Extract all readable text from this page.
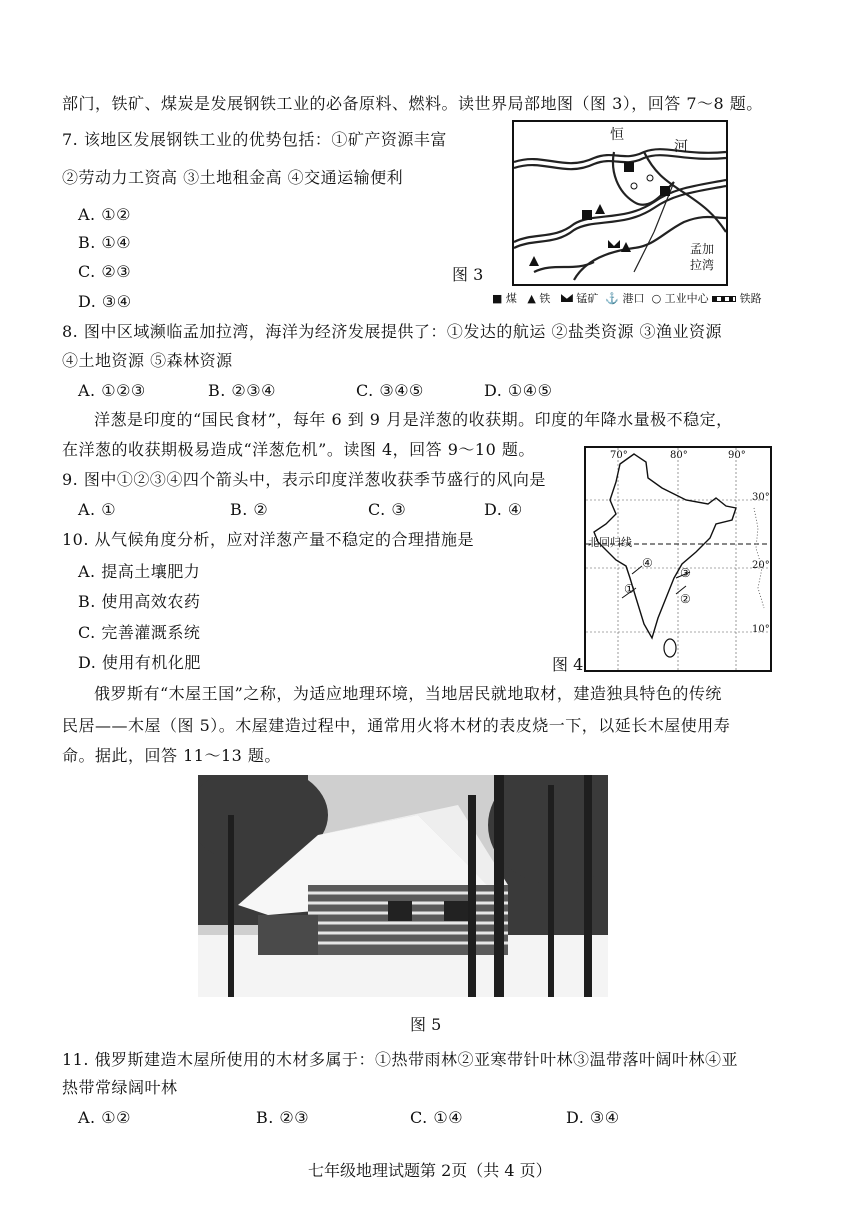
部门，铁矿、煤炭是发展钢铁工业的必备原料、燃料。读世界局部地图（图 3），回答 7～8 题。
7. 该地区发展钢铁工业的优势包括：①矿产资源丰富
②劳动力工资高 ③土地租金高 ④交通运输便利
A. ①②
B. ①④
C. ②③
D. ③④
图 3
恒
河
孟加
拉湾
■ 煤 ▲ 铁 锰矿 ⚓ 港口 ○ 工业中心	铁路
8. 图中区域濒临孟加拉湾，海洋为经济发展提供了：①发达的航运 ②盐类资源 ③渔业资源
④土地资源 ⑤森林资源
A. ①②③	B. ②③④	C. ③④⑤	D. ①④⑤
洋葱是印度的“国民食材”，每年 6 到 9 月是洋葱的收获期。印度的年降水量极不稳定，
在洋葱的收获期极易造成“洋葱危机”。读图 4，回答 9～10 题。
9. 图中①②③④四个箭头中，表示印度洋葱收获季节盛行的风向是
A. ①	B. ②	C. ③	D. ④
10. 从气候角度分析，应对洋葱产量不稳定的合理措施是
A. 提高土壤肥力
B. 使用高效农药
C. 完善灌溉系统
D. 使用有机化肥	图 4
70°	80°	90°
30°
20°
10°
北回归线
①
②
③
④
俄罗斯有“木屋王国”之称，为适应地理环境，当地居民就地取材，建造独具特色的传统
民居——木屋（图 5）。木屋建造过程中，通常用火将木材的表皮烧一下，以延长木屋使用寿
命。据此，回答 11～13 题。
图 5
11. 俄罗斯建造木屋所使用的木材多属于：①热带雨林②亚寒带针叶林③温带落叶阔叶林④亚
热带常绿阔叶林
A. ①②	B. ②③	C. ①④	D. ③④
七年级地理试题第 2页（共 4 页）
